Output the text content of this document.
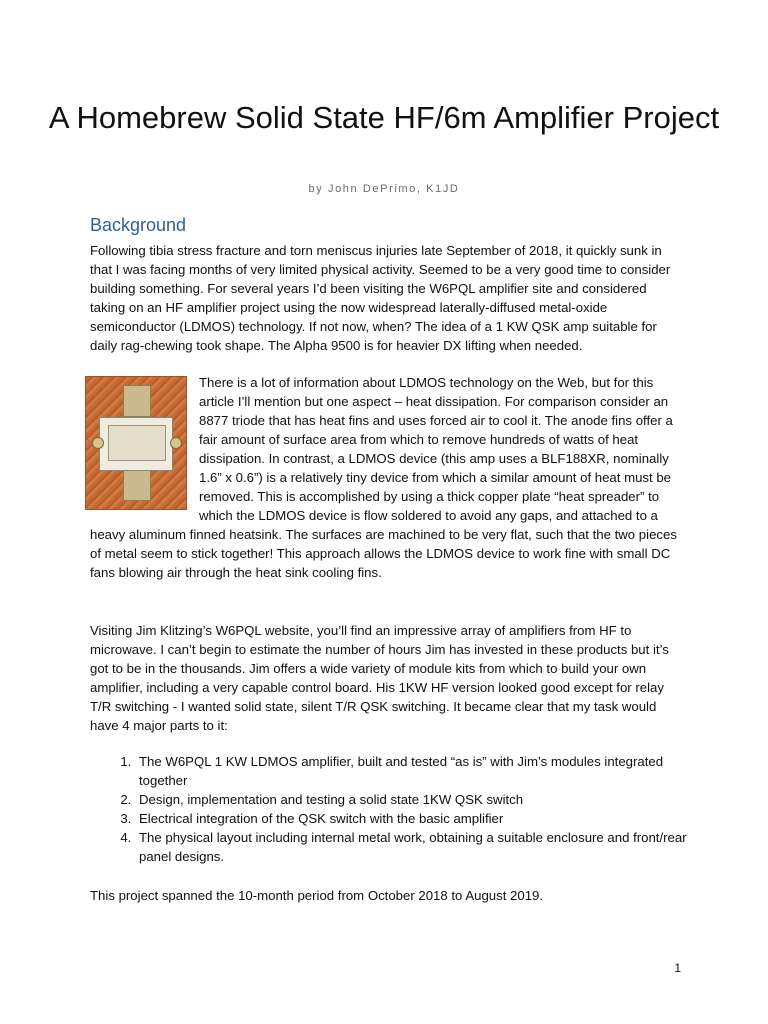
A Homebrew Solid State HF/6m Amplifier Project
by John DePrimo, K1JD
Background

Following tibia stress fracture and torn meniscus injuries late September of 2018, it quickly sunk in that I was facing months of very limited physical activity. Seemed to be a very good time to consider building something. For several years I’d been visiting the W6PQL amplifier site and considered taking on an HF amplifier project using the now widespread laterally-diffused metal-oxide semiconductor (LDMOS) technology. If not now, when? The idea of a 1 KW QSK amp suitable for daily rag-chewing took shape. The Alpha 9500 is for heavier DX lifting when needed.

There is a lot of information about LDMOS technology on the Web, but for this article I’ll mention but one aspect – heat dissipation. For comparison consider an 8877 triode that has heat fins and uses forced air to cool it. The anode fins offer a fair amount of surface area from which to remove hundreds of watts of heat dissipation. In contrast, a LDMOS device (this amp uses a BLF188XR, nominally 1.6” x 0.6”) is a relatively tiny device from which a similar amount of heat must be removed. This is accomplished by using a thick copper plate “heat spreader” to which the LDMOS device is flow soldered to avoid any gaps, and attached to a heavy aluminum finned heatsink. The surfaces are machined to be very flat, such that the two pieces of metal seem to stick together! This approach allows the LDMOS device to work fine with small DC fans blowing air through the heat sink cooling fins.

Visiting Jim Klitzing’s W6PQL website, you’ll find an impressive array of amplifiers from HF to microwave. I can’t begin to estimate the number of hours Jim has invested in these products but it’s got to be in the thousands. Jim offers a wide variety of module kits from which to build your own amplifier, including a very capable control board. His 1KW HF version looked good except for relay T/R switching - I wanted solid state, silent T/R QSK switching. It became clear that my task would have 4 major parts to it:

1. The W6PQL 1 KW LDMOS amplifier, built and tested “as is” with Jim’s modules integrated together
2. Design, implementation and testing a solid state 1KW QSK switch
3. Electrical integration of the QSK switch with the basic amplifier
4. The physical layout including internal metal work, obtaining a suitable enclosure and front/rear panel designs.

This project spanned the 10-month period from October 2018 to August 2019.

1
